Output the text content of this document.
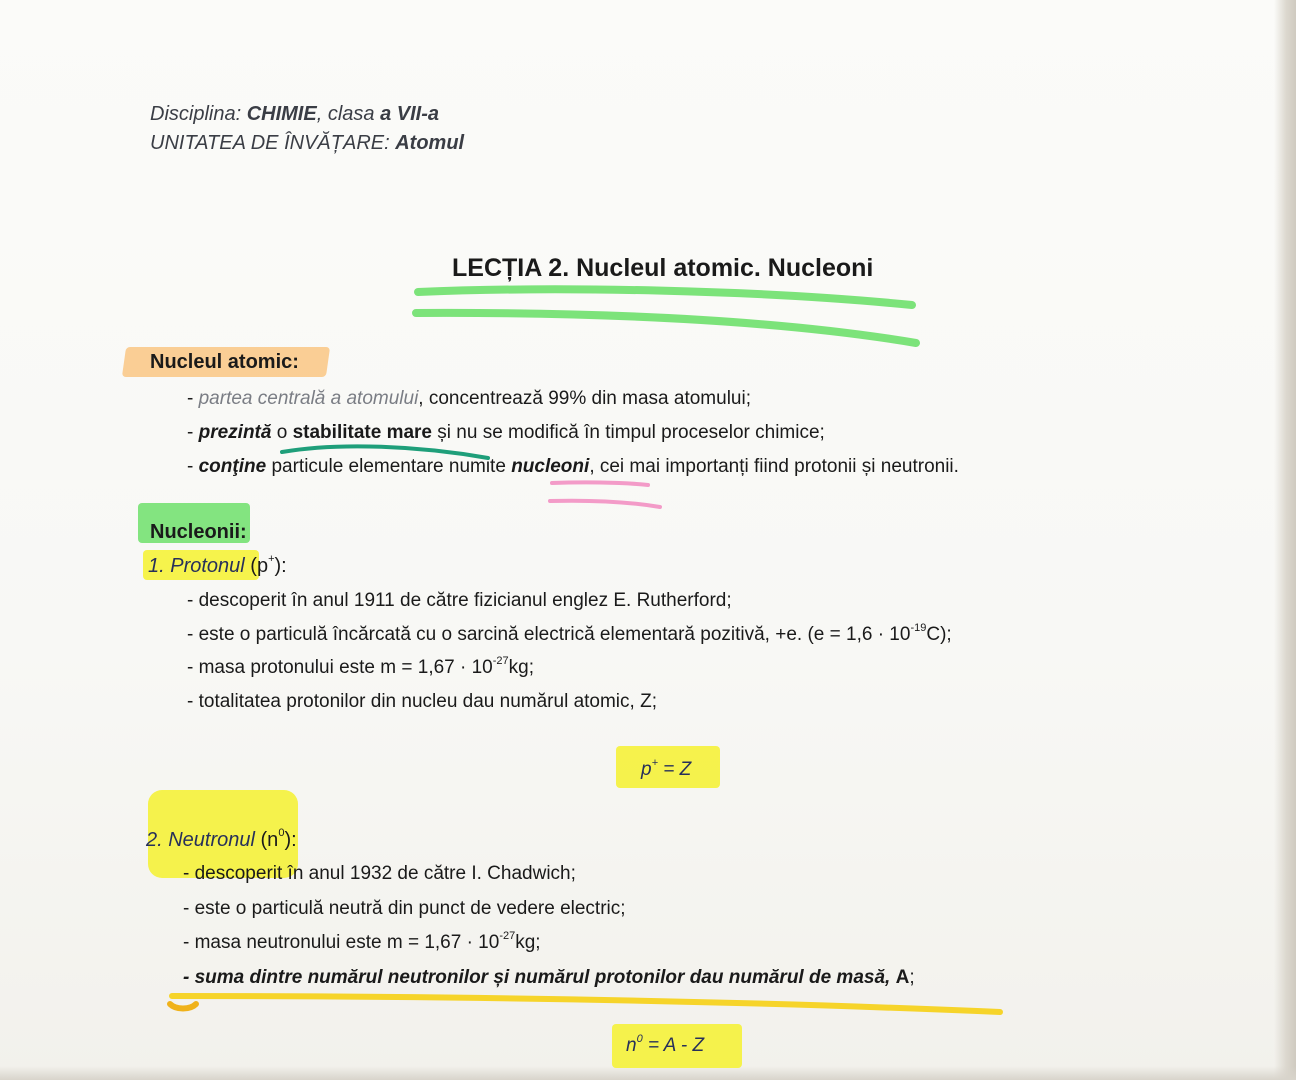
Disciplina: CHIMIE, clasa a VII-a
UNITATEA DE ÎNVĂȚARE: Atomul
LECȚIA 2. Nucleul atomic. Nucleoni
Nucleul atomic:
- partea centrală a atomului, concentrează 99% din masa atomului;
- prezintă o stabilitate mare și nu se modifică în timpul proceselor chimice;
- conţine particule elementare numite nucleoni, cei mai importanți fiind protonii și neutronii.
Nucleonii:
1. Protonul (p+):
- descoperit în anul 1911 de către fizicianul englez E. Rutherford;
- este o particulă încărcată cu o sarcină electrică elementară pozitivă, +e. $(e = 1,6 \cdot 10^{-19}C)$;
- masa protonului este $m = 1,67 \cdot 10^{-27}kg$;
- totalitatea protonilor din nucleu dau numărul atomic, Z;
p+ = Z
2. Neutronul $(n^0)$:
- descoperit în anul 1932 de către I. Chadwich;
- este o particulă neutră din punct de vedere electric;
- masa neutronului este $m = 1,67 \cdot 10^{-27}kg$;
- suma dintre numărul neutronilor și numărul protonilor dau numărul de masă, A;
$n^0 = A - Z$
